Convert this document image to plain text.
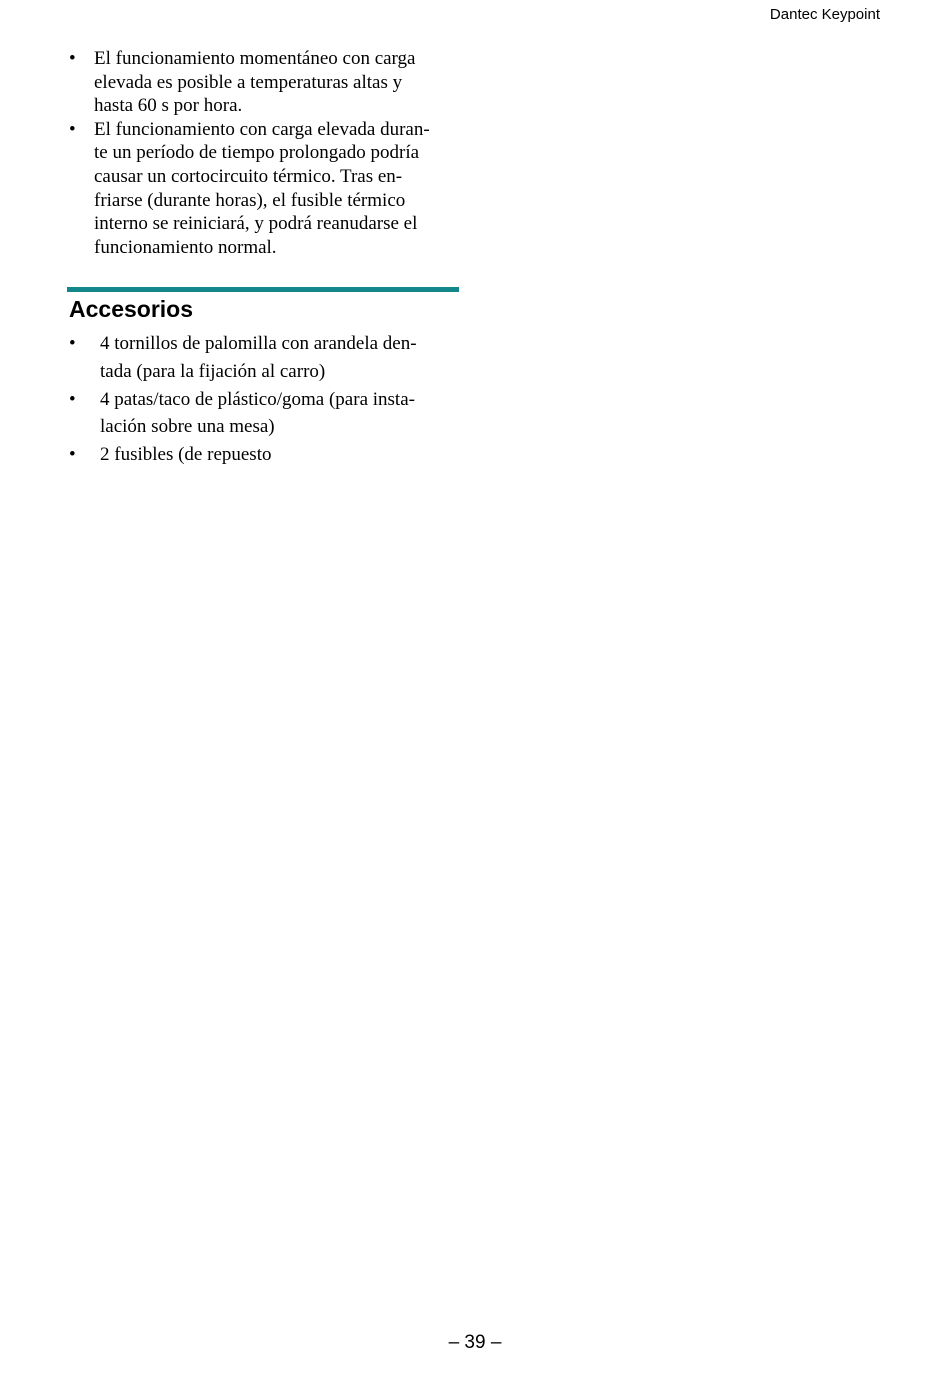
Dantec Keypoint
• El funcionamiento momentáneo con carga
elevada es posible a temperaturas altas y
hasta 60 s por hora.
• El funcionamiento con carga elevada duran-
te un período de tiempo prolongado podría
causar un cortocircuito térmico. Tras en-
friarse (durante horas), el fusible térmico
interno se reiniciará, y podrá reanudarse el
funcionamiento normal.
Accesorios
• 4 tornillos de palomilla con arandela den-
tada (para la fijación al carro)
• 4 patas/taco de plástico/goma (para insta-
lación sobre una mesa)
• 2 fusibles (de repuesto
– 39 –
